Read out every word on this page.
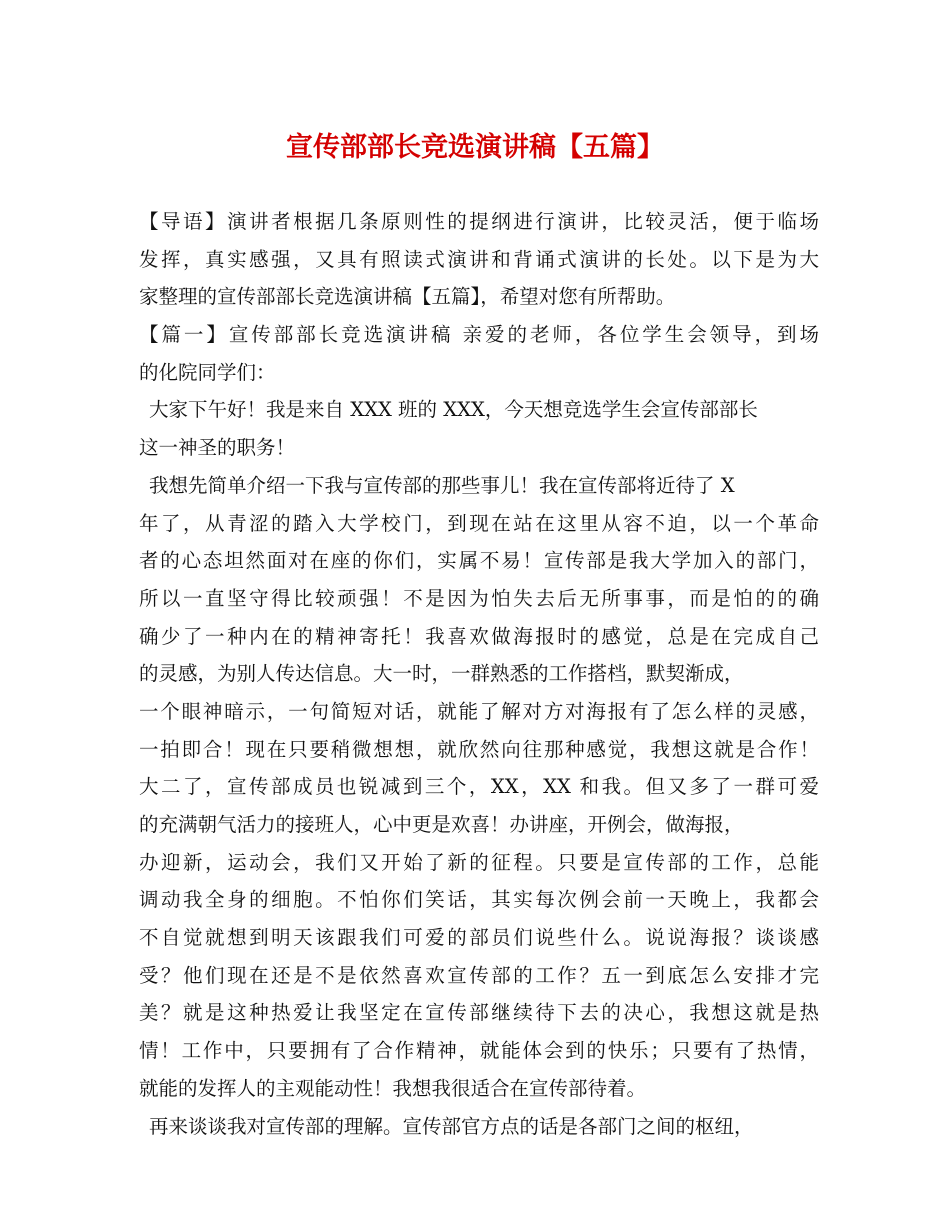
宣传部部长竞选演讲稿【五篇】
【导语】演讲者根据几条原则性的提纲进行演讲，比较灵活，便于临场
发挥，真实感强，又具有照读式演讲和背诵式演讲的长处。以下是为大
家整理的宣传部部长竞选演讲稿【五篇】，希望对您有所帮助。
【篇一】宣传部部长竞选演讲稿 亲爱的老师，各位学生会领导，到场
的化院同学们：
大家下午好！我是来自 XXX 班的 XXX，今天想竞选学生会宣传部部长
这一神圣的职务！
我想先简单介绍一下我与宣传部的那些事儿！我在宣传部将近待了 X
年了，从青涩的踏入大学校门，到现在站在这里从容不迫，以一个革命
者的心态坦然面对在座的你们，实属不易！宣传部是我大学加入的部门，
所以一直坚守得比较顽强！不是因为怕失去后无所事事，而是怕的的确
确少了一种内在的精神寄托！我喜欢做海报时的感觉，总是在完成自己
的灵感，为别人传达信息。大一时，一群熟悉的工作搭档，默契渐成，
一个眼神暗示，一句简短对话，就能了解对方对海报有了怎么样的灵感，
一拍即合！现在只要稍微想想，就欣然向往那种感觉，我想这就是合作！
大二了，宣传部成员也锐减到三个，XX，XX 和我。但又多了一群可爱
的充满朝气活力的接班人，心中更是欢喜！办讲座，开例会，做海报，
办迎新，运动会，我们又开始了新的征程。只要是宣传部的工作，总能
调动我全身的细胞。不怕你们笑话，其实每次例会前一天晚上，我都会
不自觉就想到明天该跟我们可爱的部员们说些什么。说说海报？谈谈感
受？他们现在还是不是依然喜欢宣传部的工作？五一到底怎么安排才完
美？就是这种热爱让我坚定在宣传部继续待下去的决心，我想这就是热
情！工作中，只要拥有了合作精神，就能体会到的快乐；只要有了热情，
就能的发挥人的主观能动性！我想我很适合在宣传部待着。
再来谈谈我对宣传部的理解。宣传部官方点的话是各部门之间的枢纽，
